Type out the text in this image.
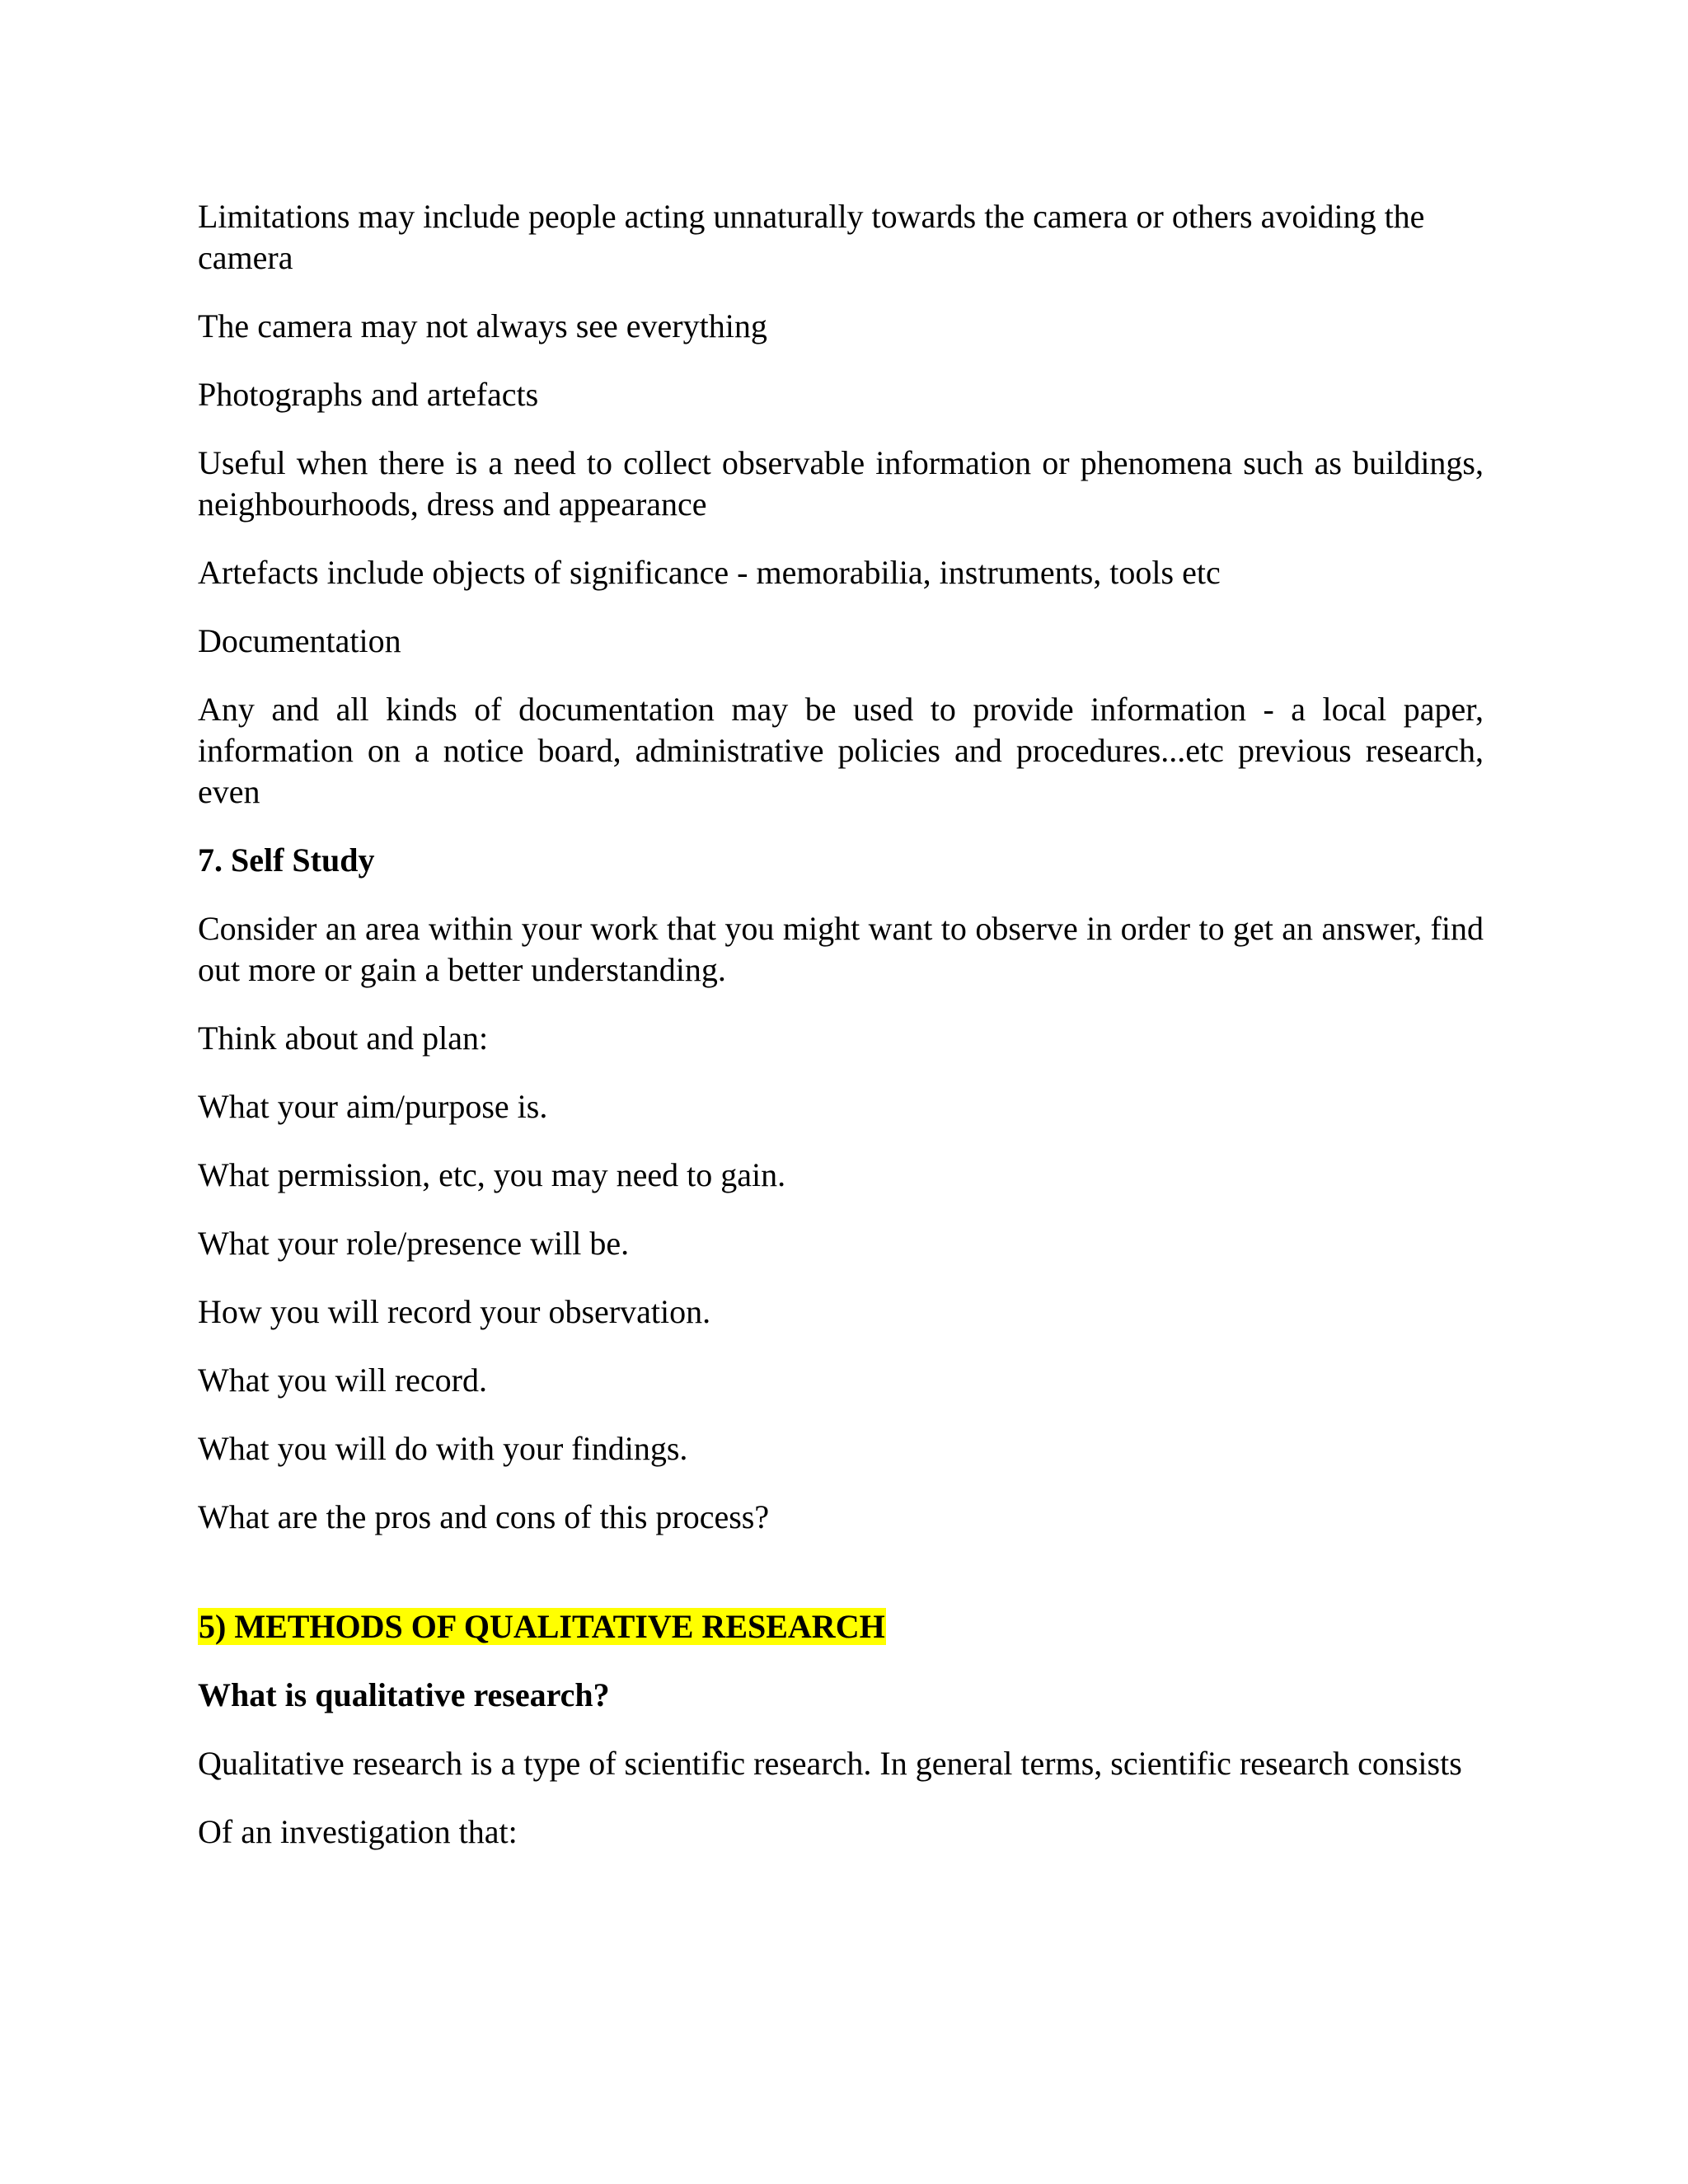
Limitations may include people acting unnaturally towards the camera or others avoiding the camera

The camera may not always see everything

Photographs and artefacts

Useful when there is a need to collect observable information or phenomena such as buildings, neighbourhoods, dress and appearance

Artefacts include objects of significance - memorabilia, instruments, tools etc

Documentation

Any and all kinds of documentation may be used to provide information - a local paper, information on a notice board, administrative policies and procedures...etc previous research, even

7. Self Study

Consider an area within your work that you might want to observe in order to get an answer, find out more or gain a better understanding.

Think about and plan:

What your aim/purpose is.

What permission, etc, you may need to gain.

What your role/presence will be.

How you will record your observation.

What you will record.

What you will do with your findings.

What are the pros and cons of this process?

5) METHODS OF QUALITATIVE RESEARCH

What is qualitative research?

Qualitative research is a type of scientific research. In general terms, scientific research consists

Of an investigation that:
